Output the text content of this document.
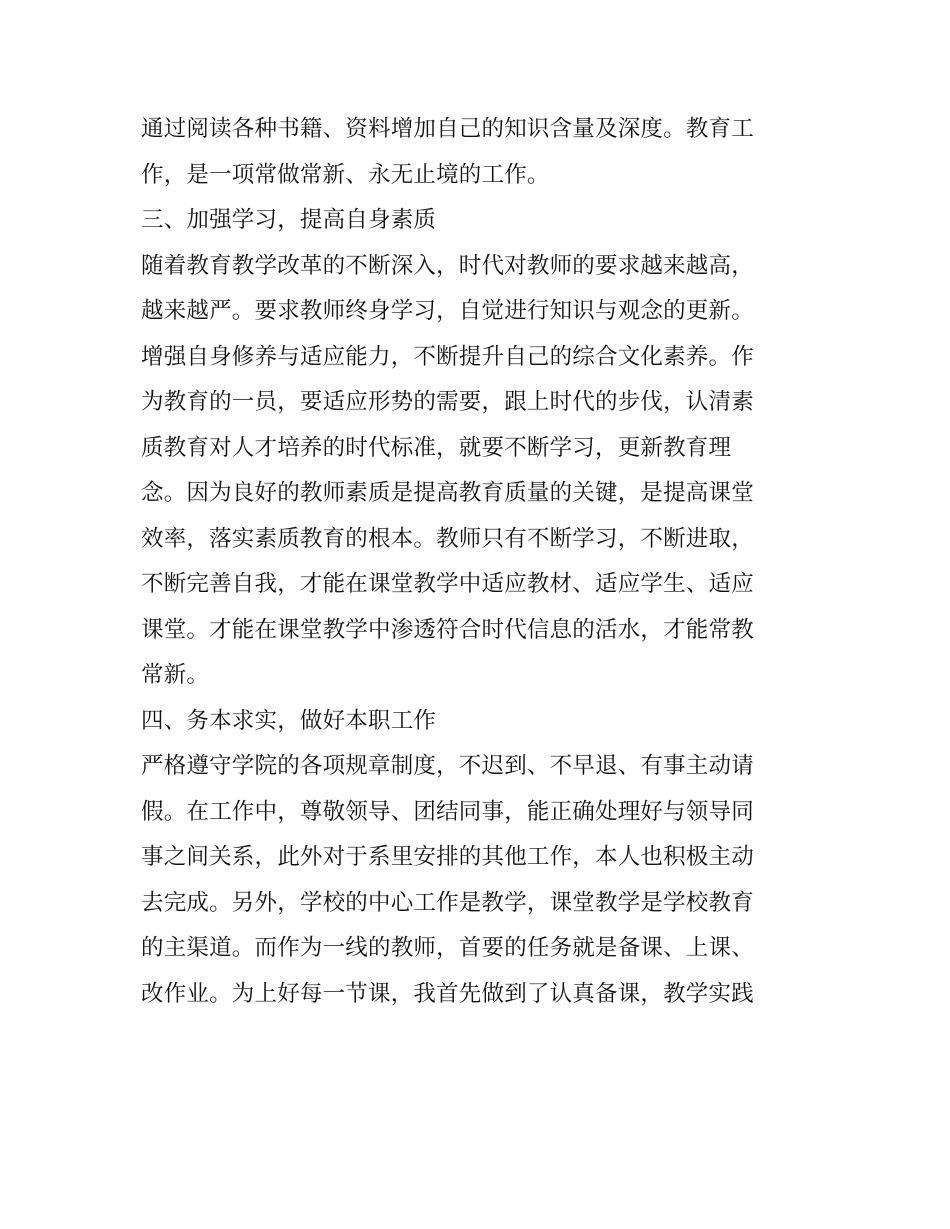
通过阅读各种书籍、资料增加自己的知识含量及深度。教育工
作，是一项常做常新、永无止境的工作。
三、加强学习，提高自身素质
随着教育教学改革的不断深入，时代对教师的要求越来越高，
越来越严。要求教师终身学习，自觉进行知识与观念的更新。
增强自身修养与适应能力，不断提升自己的综合文化素养。作
为教育的一员，要适应形势的需要，跟上时代的步伐，认清素
质教育对人才培养的时代标准，就要不断学习，更新教育理
念。因为良好的教师素质是提高教育质量的关键，是提高课堂
效率，落实素质教育的根本。教师只有不断学习，不断进取，
不断完善自我，才能在课堂教学中适应教材、适应学生、适应
课堂。才能在课堂教学中渗透符合时代信息的活水，才能常教
常新。
四、务本求实，做好本职工作
严格遵守学院的各项规章制度，不迟到、不早退、有事主动请
假。在工作中，尊敬领导、团结同事，能正确处理好与领导同
事之间关系，此外对于系里安排的其他工作，本人也积极主动
去完成。另外，学校的中心工作是教学，课堂教学是学校教育
的主渠道。而作为一线的教师，首要的任务就是备课、上课、
改作业。为上好每一节课，我首先做到了认真备课，教学实践
